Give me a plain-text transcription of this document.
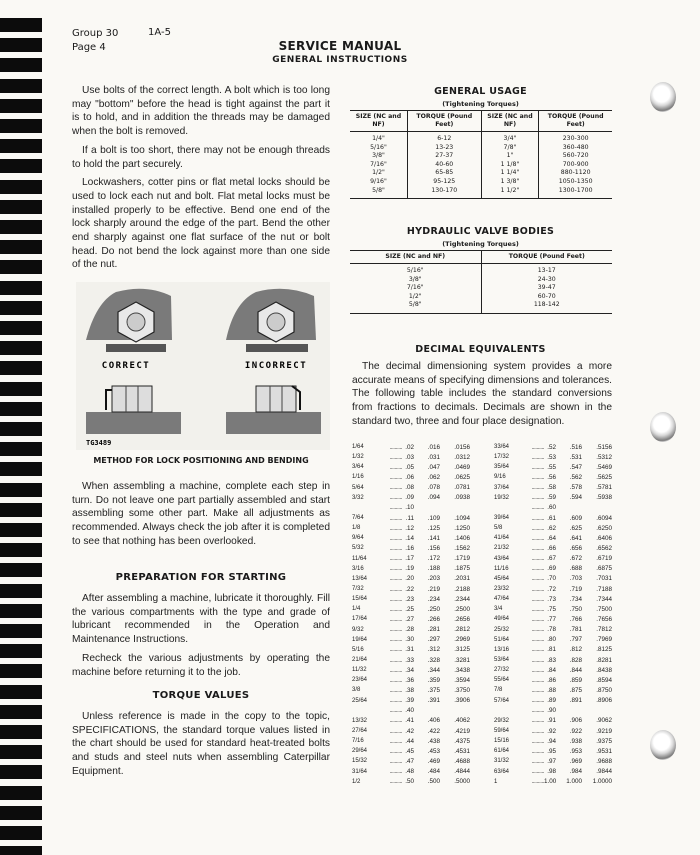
Group 30
Page 4
1A-5
SERVICE MANUAL
GENERAL INSTRUCTIONS

Use bolts of the correct length. A bolt which is too long may "bottom" before the head is tight against the part it is to hold, and in addition the threads may be damaged when the bolt is removed.

If a bolt is too short, there may not be enough threads to hold the part securely.

Lockwashers, cotter pins or flat metal locks should be used to lock each nut and bolt. Flat metal locks must be installed properly to be effective. Bend one end of the lock sharply around the edge of the part. Bend the other end sharply against one flat surface of the nut or bolt head. Do not bend the lock against more than one side of the nut.

CORRECT	INCORRECT
TG3489
METHOD FOR LOCK POSITIONING AND BENDING

When assembling a machine, complete each step in turn. Do not leave one part partially assembled and start assembling some other part. Make all adjustments as recommended. Always check the job after it is completed to see that nothing has been overlooked.

PREPARATION FOR STARTING

After assembling a machine, lubricate it thoroughly. Fill the various compartments with the type and grade of lubricant recommended in the Operation and Maintenance Instructions.

Recheck the various adjustments by operating the machine before returning it to the job.

TORQUE VALUES

Unless reference is made in the copy to the topic, SPECIFICATIONS, the standard torque values listed in the chart should be used for standard heat-treated bolts and studs and steel nuts when assembling Caterpillar Equipment.

GENERAL USAGE
(Tightening Torques)
SIZE (NC and NF)	TORQUE (Pound Feet)	SIZE (NC and NF)	TORQUE (Pound Feet)
1/4"	6-12	3/4"	230-300
5/16"	13-23	7/8"	360-480
3/8"	27-37	1"	560-720
7/16"	40-60	1 1/8"	700-900
1/2"	65-85	1 1/4"	880-1120
9/16"	95-125	1 3/8"	1050-1350
5/8"	130-170	1 1/2"	1300-1700
HYDRAULIC VALVE BODIES
(Tightening Torques)
SIZE (NC and NF)	TORQUE (Pound Feet)
5/16"	13-17
3/8"	24-30
7/16"	39-47
1/2"	60-70
5/8"	118-142
DECIMAL EQUIVALENTS

The decimal dimensioning system provides a more accurate means of specifying dimensions and tolerances. The following table includes the standard conversions from fractions to decimals. Decimals are shown in the standard two, three and four place designation.

1/64	.......... .02	.016	.0156
1/32	.......... .03	.031	.0312
3/64	.......... .05	.047	.0469
1/16	.......... .06	.062	.0625
5/64	.......... .08	.078	.0781
3/32	.......... .09	.094	.0938
.......... .10
7/64	.......... .11	.109	.1094
1/8	.......... .12	.125	.1250
9/64	.......... .14	.141	.1406
5/32	.......... .16	.156	.1562
11/64	.......... .17	.172	.1719
3/16	.......... .19	.188	.1875
13/64	.......... .20	.203	.2031
7/32	.......... .22	.219	.2188
15/64	.......... .23	.234	.2344
1/4	.......... .25	.250	.2500
17/64	.......... .27	.266	.2656
9/32	.......... .28	.281	.2812
19/64	.......... .30	.297	.2969
5/16	.......... .31	.312	.3125
21/64	.......... .33	.328	.3281
11/32	.......... .34	.344	.3438
23/64	.......... .36	.359	.3594
3/8	.......... .38	.375	.3750
25/64	.......... .39	.391	.3906
.......... .40
13/32	.......... .41	.406	.4062
27/64	.......... .42	.422	.4219
7/16	.......... .44	.438	.4375
29/64	.......... .45	.453	.4531
15/32	.......... .47	.469	.4688
31/64	.......... .48	.484	.4844
1/2	.......... .50	.500	.5000
33/64	.......... .52	.516	.5156
17/32	.......... .53	.531	.5312
35/64	.......... .55	.547	.5469
9/16	.......... .56	.562	.5625
37/64	.......... .58	.578	.5781
19/32	.......... .59	.594	.5938
.......... .60
39/64	.......... .61	.609	.6094
5/8	.......... .62	.625	.6250
41/64	.......... .64	.641	.6406
21/32	.......... .66	.656	.6562
43/64	.......... .67	.672	.6719
11/16	.......... .69	.688	.6875
45/64	.......... .70	.703	.7031
23/32	.......... .72	.719	.7188
47/64	.......... .73	.734	.7344
3/4	.......... .75	.750	.7500
49/64	.......... .77	.766	.7656
25/32	.......... .78	.781	.7812
51/64	.......... .80	.797	.7969
13/16	.......... .81	.812	.8125
53/64	.......... .83	.828	.8281
27/32	.......... .84	.844	.8438
55/64	.......... .86	.859	.8594
7/8	.......... .88	.875	.8750
57/64	.......... .89	.891	.8906
.......... .90
29/32	.......... .91	.906	.9062
59/64	.......... .92	.922	.9219
15/16	.......... .94	.938	.9375
61/64	.......... .95	.953	.9531
31/32	.......... .97	.969	.9688
63/64	.......... .98	.984	.9844
1	.......... 1.00	1.000	1.0000
